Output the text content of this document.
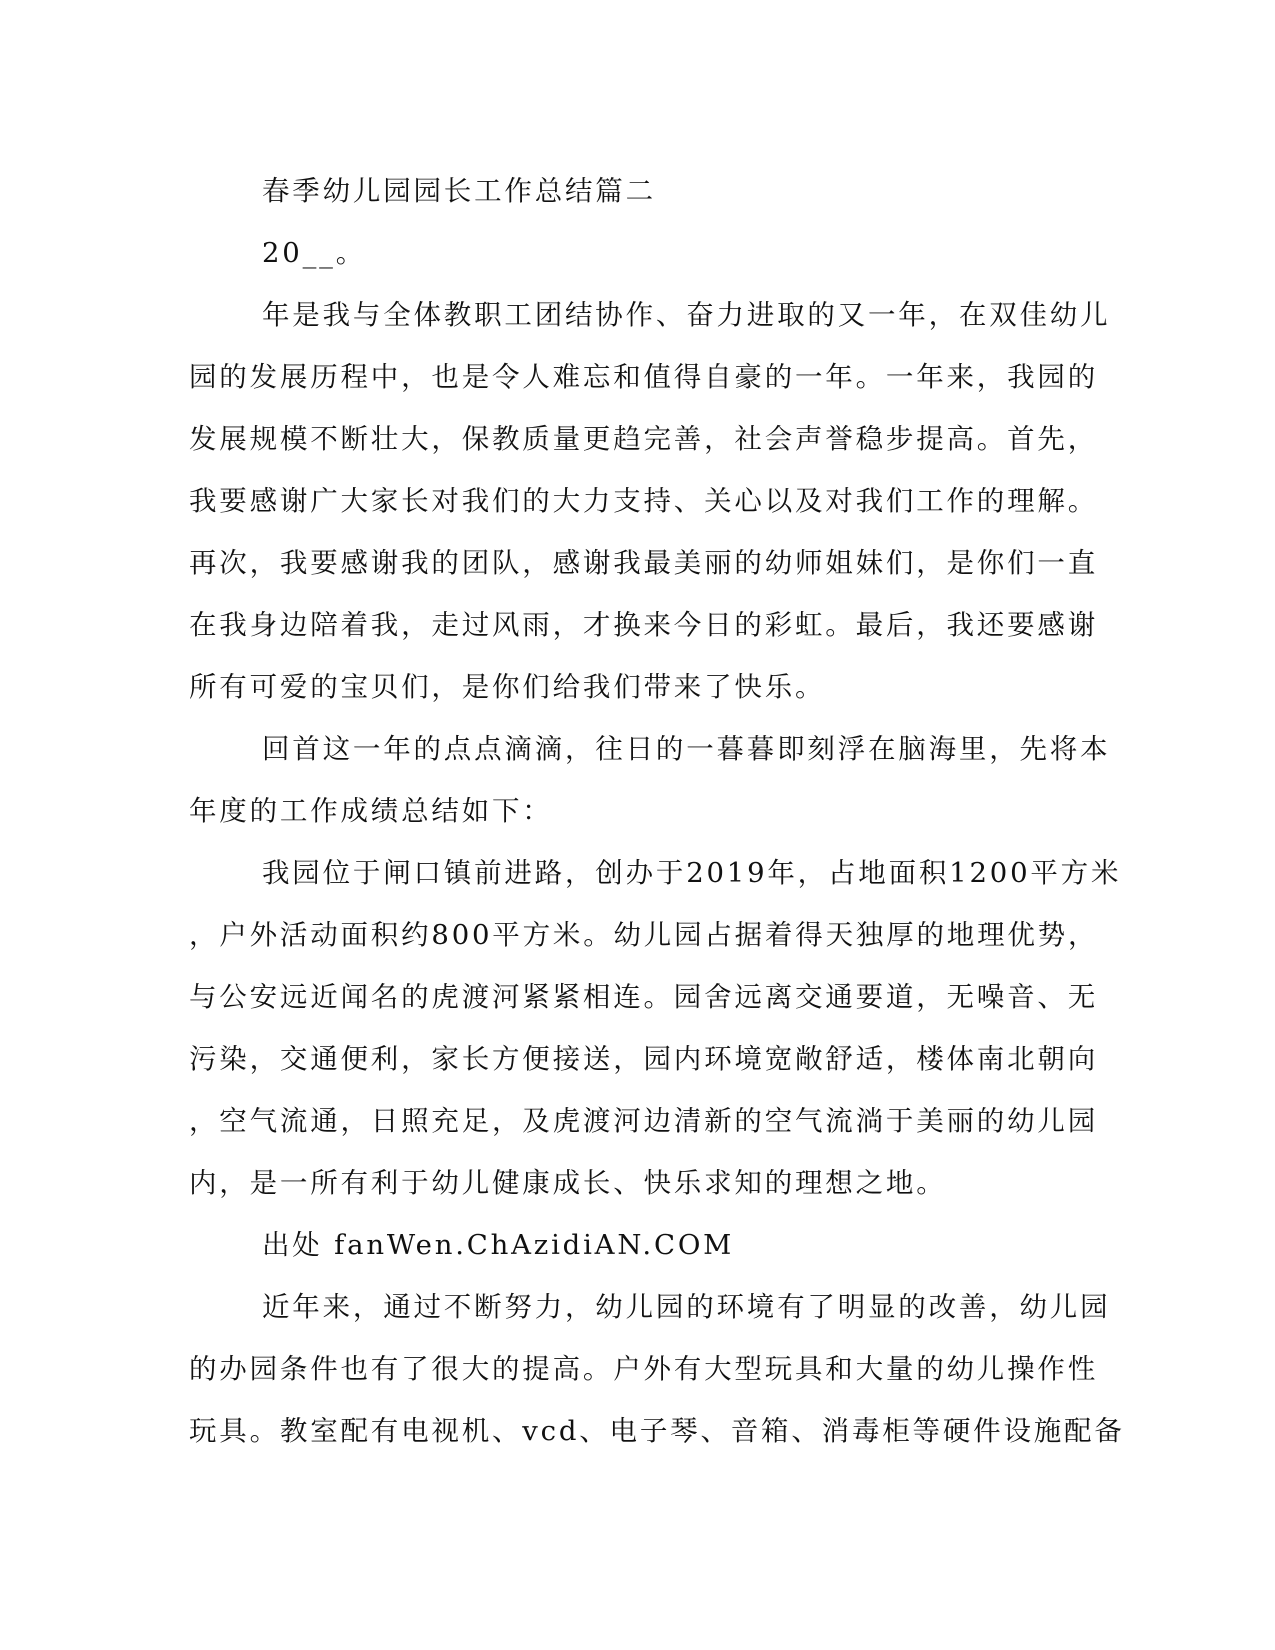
春季幼儿园园长工作总结篇二
20__。
年是我与全体教职工团结协作、奋力进取的又一年，在双佳幼儿
园的发展历程中，也是令人难忘和值得自豪的一年。一年来，我园的
发展规模不断壮大，保教质量更趋完善，社会声誉稳步提高。首先，
我要感谢广大家长对我们的大力支持、关心以及对我们工作的理解。
再次，我要感谢我的团队，感谢我最美丽的幼师姐妹们，是你们一直
在我身边陪着我，走过风雨，才换来今日的彩虹。最后，我还要感谢
所有可爱的宝贝们，是你们给我们带来了快乐。
回首这一年的点点滴滴，往日的一暮暮即刻浮在脑海里，先将本
年度的工作成绩总结如下：
我园位于闸口镇前进路，创办于2019年，占地面积1200平方米
，户外活动面积约800平方米。幼儿园占据着得天独厚的地理优势，
与公安远近闻名的虎渡河紧紧相连。园舍远离交通要道，无噪音、无
污染，交通便利，家长方便接送，园内环境宽敞舒适，楼体南北朝向
，空气流通，日照充足，及虎渡河边清新的空气流淌于美丽的幼儿园
内，是一所有利于幼儿健康成长、快乐求知的理想之地。
出处 fanWen.ChAzidiAN.COM
近年来，通过不断努力，幼儿园的环境有了明显的改善，幼儿园
的办园条件也有了很大的提高。户外有大型玩具和大量的幼儿操作性
玩具。教室配有电视机、vcd、电子琴、音箱、消毒柜等硬件设施配备
